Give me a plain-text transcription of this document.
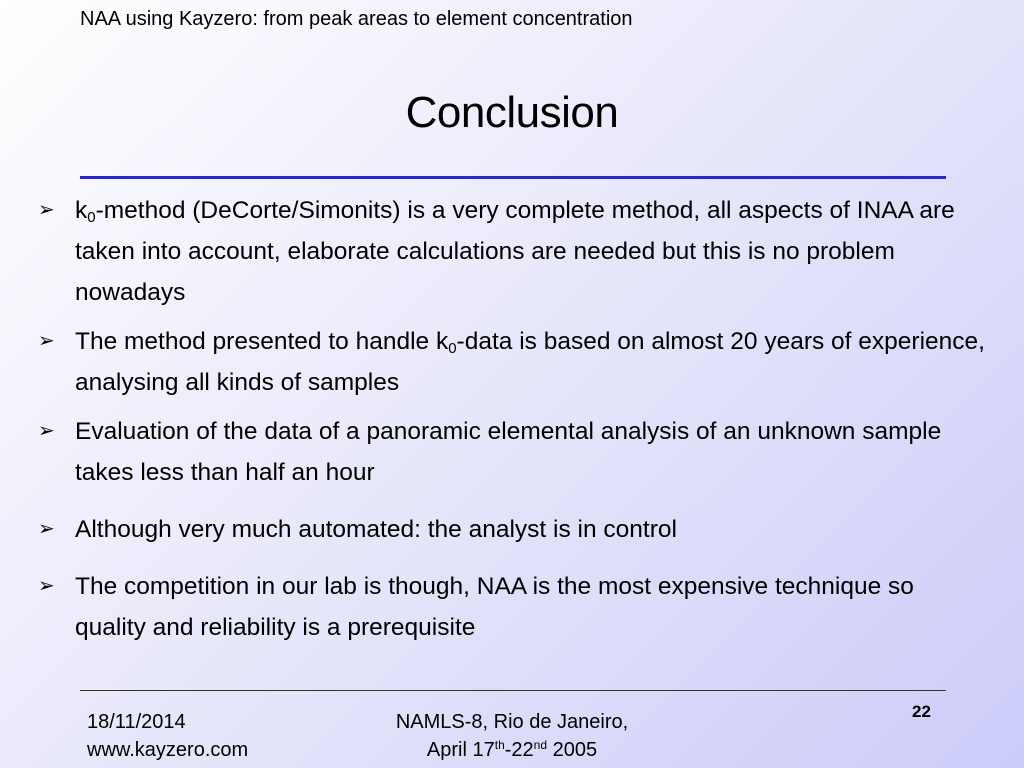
NAA using Kayzero: from peak areas to element concentration
Conclusion
➢ $k_0$-method (DeCorte/Simonits) is a very complete method, all aspects of INAA are taken into account, elaborate calculations are needed but this is no problem nowadays
➢ The method presented to handle $k_0$-data is based on almost 20 years of experience, analysing all kinds of samples
➢ Evaluation of the data of a panoramic elemental analysis of an unknown sample takes less than half an hour
➢ Although very much automated: the analyst is in control
➢ The competition in our lab is though, NAA is the most expensive technique so quality and reliability is a prerequisite
18/11/2014
www.kayzero.com
NAMLS-8, Rio de Janeiro,
April 17th-22nd 2005
22
